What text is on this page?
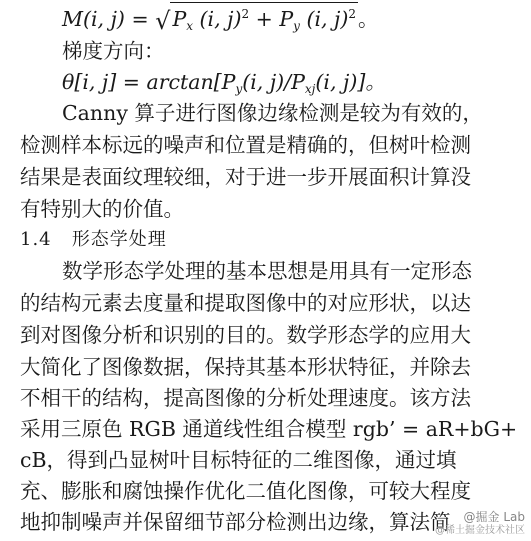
M(i, $j) = √P_x$ (i, $j)^2 + P_y$ (i, j)$^2$。
梯度方向：
θ[i, $j] = \arctan[P_y(i$, $j)/P_{xj}(i$, j)]。
Canny 算子进行图像边缘检测是较为有效的，
检测样本标远的噪声和位置是精确的，但树叶检测
结果是表面纹理较细，对于进一步开展面积计算没
有特别大的价值。
1.4 形态学处理
数学形态学处理的基本思想是用具有一定形态
的结构元素去度量和提取图像中的对应形状，以达
到对图像分析和识别的目的。数学形态学的应用大
大简化了图像数据，保持其基本形状特征，并除去
不相干的结构，提高图像的分析处理速度。该方法
采用三原色 RGB 通道线性组合模型 rgb’ = aR+bG+
cB，得到凸显树叶目标特征的二维图像，通过填
充、膨胀和腐蚀操作优化二值化图像，可较大程度
地抑制噪声并保留细节部分检测出边缘，算法简	@掘金 Lab
@稀土掘金技术社区
